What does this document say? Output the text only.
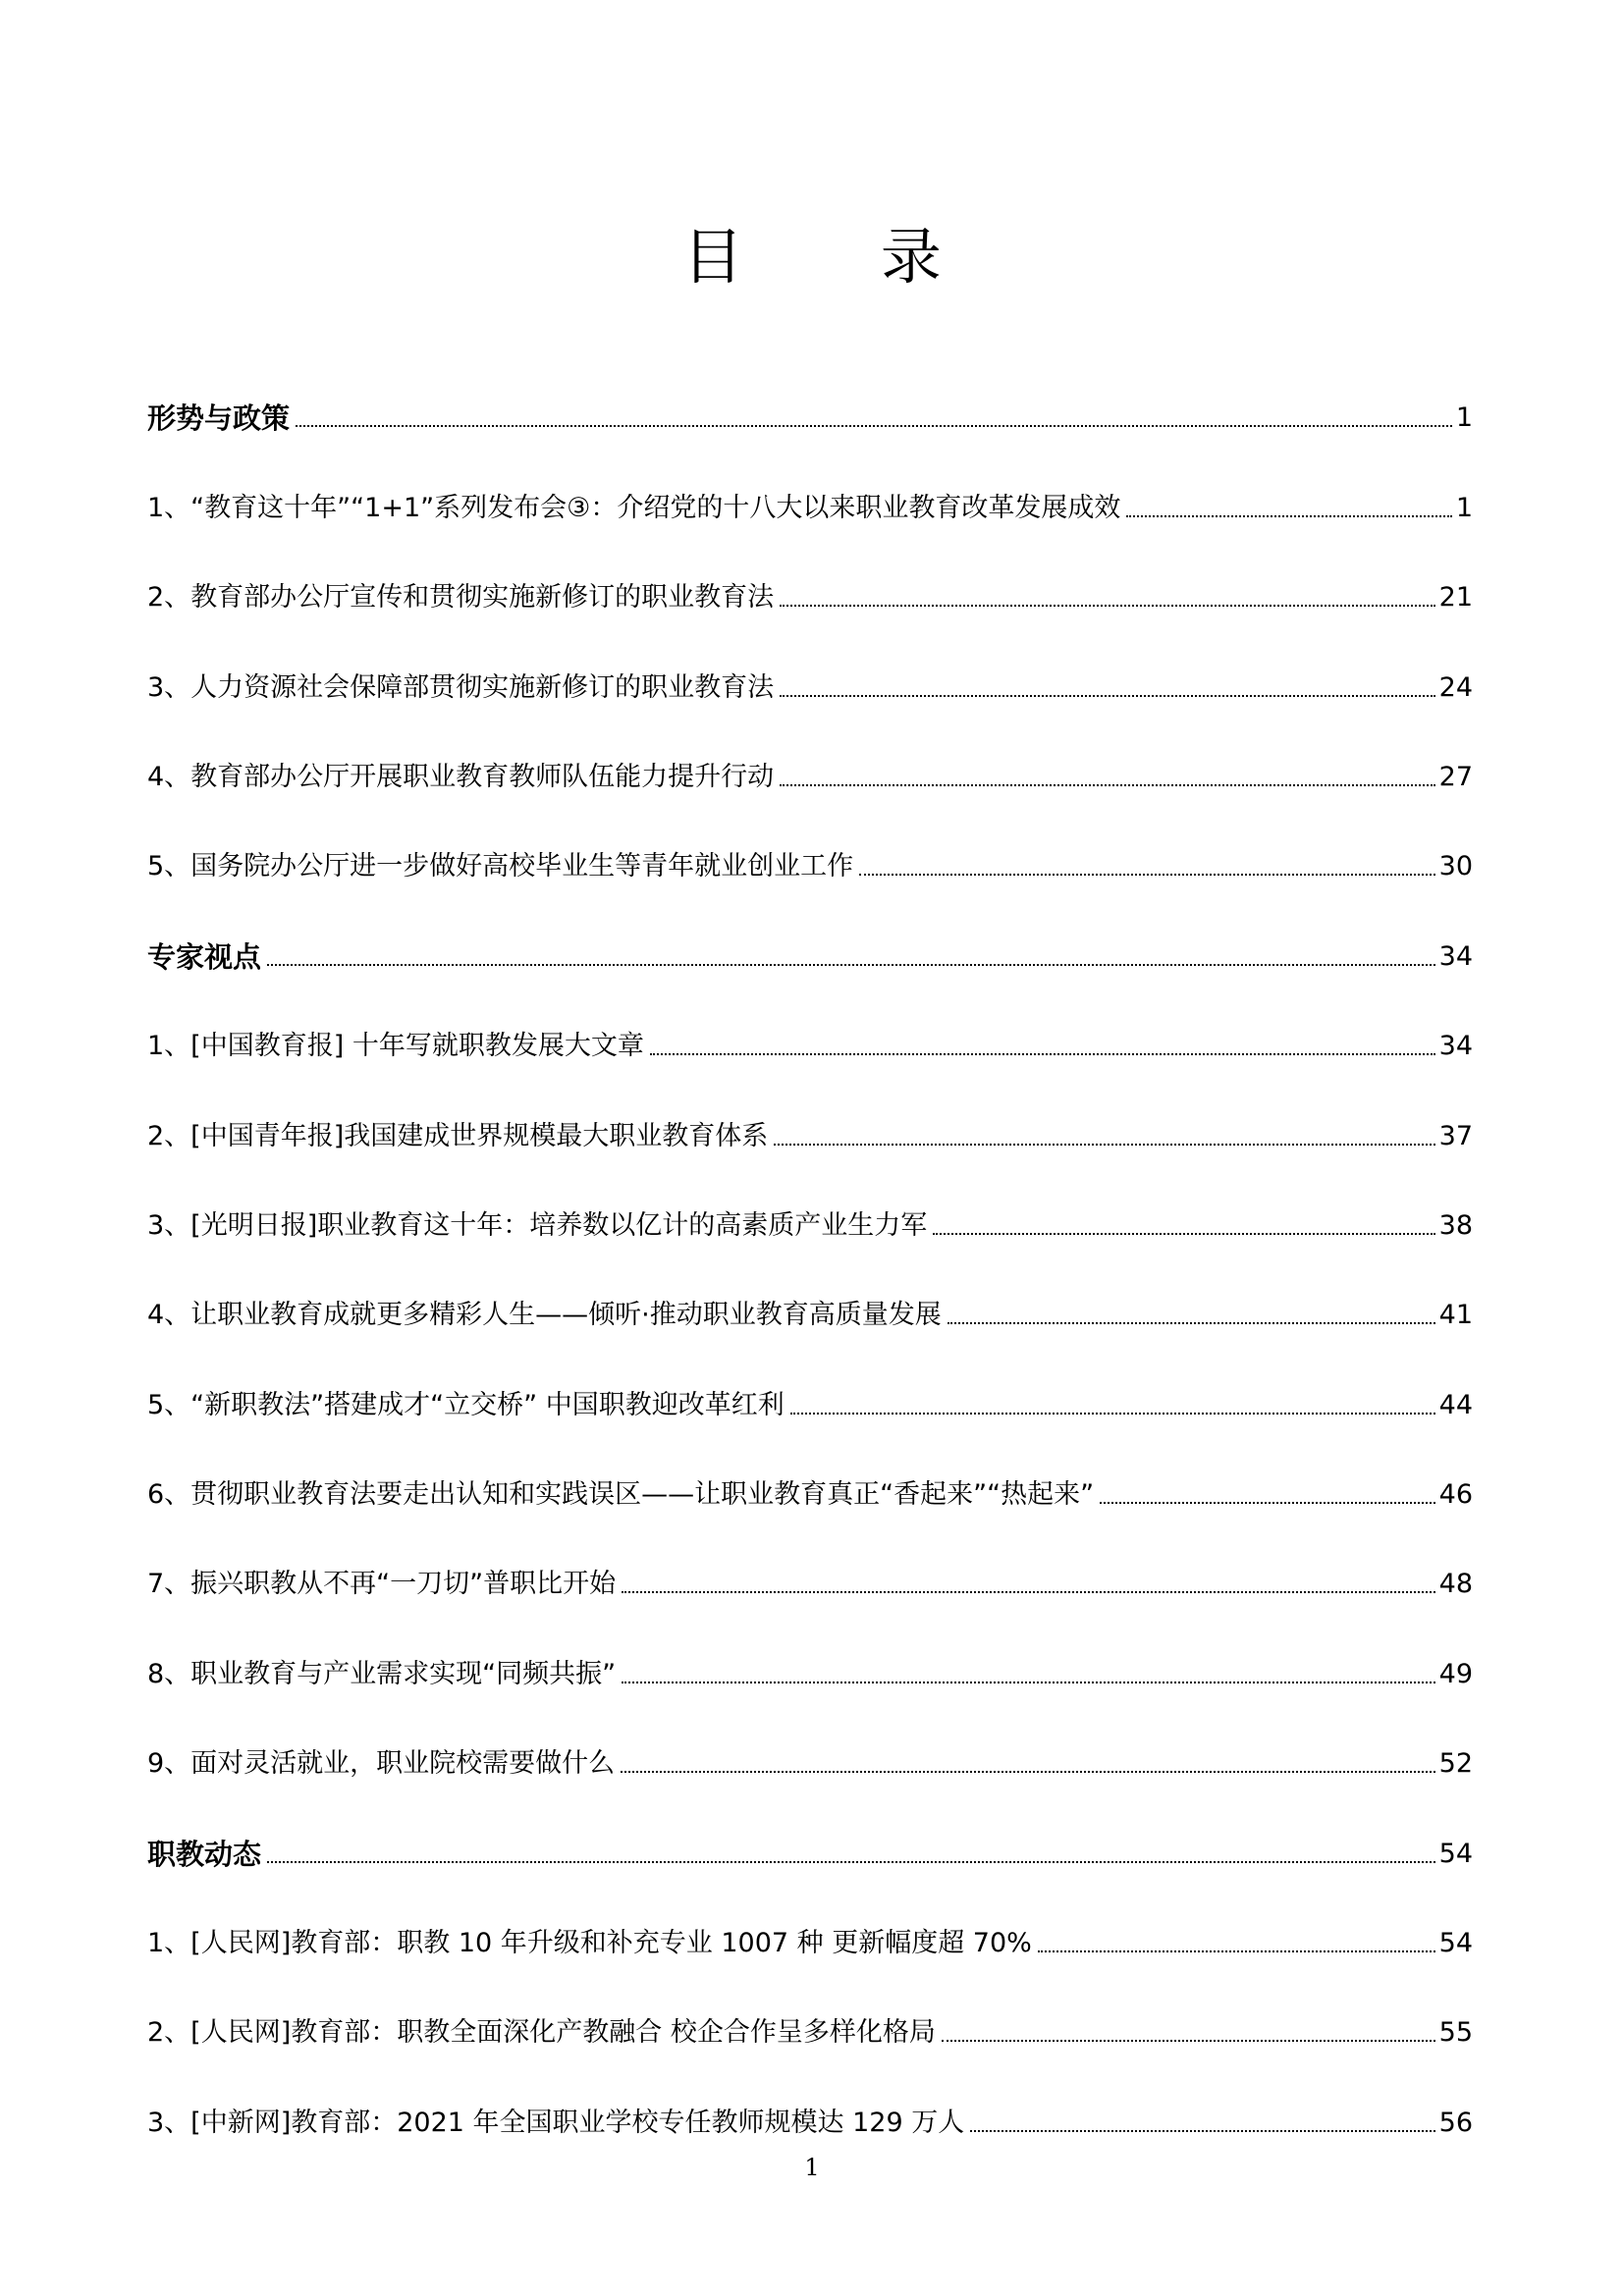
目 录
形势与政策	1
1、“教育这十年”“1+1”系列发布会③：介绍党的十八大以来职业教育改革发展成效	1
2、教育部办公厅宣传和贯彻实施新修订的职业教育法	21
3、人力资源社会保障部贯彻实施新修订的职业教育法	24
4、教育部办公厅开展职业教育教师队伍能力提升行动	27
5、国务院办公厅进一步做好高校毕业生等青年就业创业工作	30
专家视点	34
1、[中国教育报] 十年写就职教发展大文章	34
2、[中国青年报]我国建成世界规模最大职业教育体系	37
3、[光明日报]职业教育这十年：培养数以亿计的高素质产业生力军	38
4、让职业教育成就更多精彩人生——倾听·推动职业教育高质量发展	41
5、“新职教法”搭建成才“立交桥” 中国职教迎改革红利	44
6、贯彻职业教育法要走出认知和实践误区——让职业教育真正“香起来”“热起来”	46
7、振兴职教从不再“一刀切”普职比开始	48
8、职业教育与产业需求实现“同频共振”	49
9、面对灵活就业，职业院校需要做什么	52
职教动态	54
1、[人民网]教育部：职教 10 年升级和补充专业 1007 种 更新幅度超 70%	54
2、[人民网]教育部：职教全面深化产教融合 校企合作呈多样化格局	55
3、[中新网]教育部：2021 年全国职业学校专任教师规模达 129 万人	56
1
